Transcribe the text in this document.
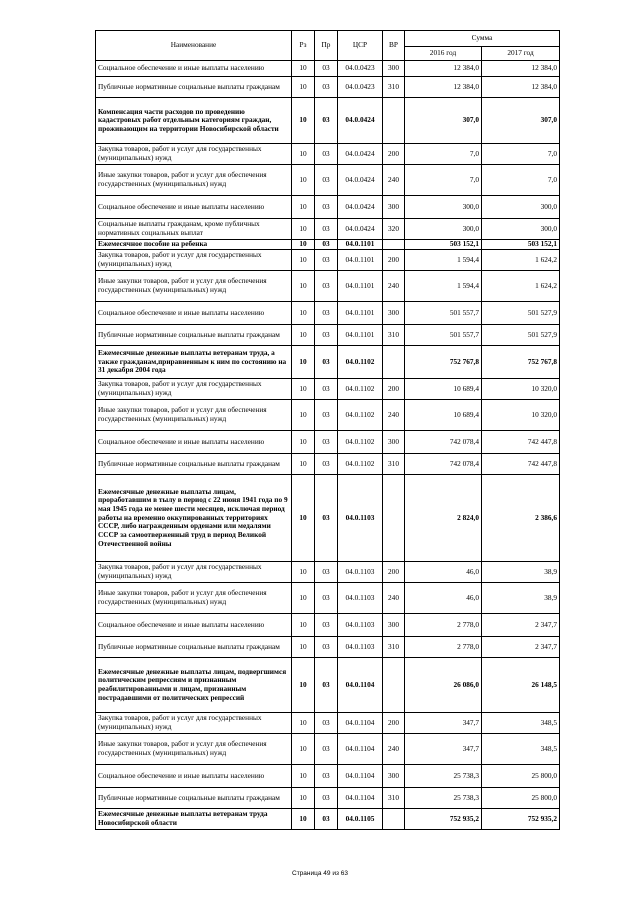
Наименование	Рз	Пр	ЦСР	ВР	Сумма	
					2016 год	2017 год
Социальное обеспечение и иные выплаты населению	10	03	04.0.0423	300	12 384,0	12 384,0
Публичные нормативные социальные выплаты гражданам	10	03	04.0.0423	310	12 384,0	12 384,0
Компенсация части расходов по проведению кадастровых работ отдельным категориям граждан, проживающим на территории Новосибирской области	10	03	04.0.0424		307,0	307,0
Закупка товаров, работ и услуг для государственных (муниципальных) нужд	10	03	04.0.0424	200	7,0	7,0
Иные закупки товаров, работ и услуг для обеспечения государственных (муниципальных) нужд	10	03	04.0.0424	240	7,0	7,0
Социальное обеспечение и иные выплаты населению	10	03	04.0.0424	300	300,0	300,0
Социальные выплаты гражданам, кроме публичных нормативных социальных выплат	10	03	04.0.0424	320	300,0	300,0
Ежемесячное пособие на ребенка	10	03	04.0.1101		503 152,1	503 152,1
Закупка товаров, работ и услуг для государственных (муниципальных) нужд	10	03	04.0.1101	200	1 594,4	1 624,2
Иные закупки товаров, работ и услуг для обеспечения государственных (муниципальных) нужд	10	03	04.0.1101	240	1 594,4	1 624,2
Социальное обеспечение и иные выплаты населению	10	03	04.0.1101	300	501 557,7	501 527,9
Публичные нормативные социальные выплаты гражданам	10	03	04.0.1101	310	501 557,7	501 527,9
Ежемесячные денежные выплаты ветеранам труда, а также гражданам,приравненным к ним по состоянию на 31 декабря 2004 года	10	03	04.0.1102		752 767,8	752 767,8
Закупка товаров, работ и услуг для государственных (муниципальных) нужд	10	03	04.0.1102	200	10 689,4	10 320,0
Иные закупки товаров, работ и услуг для обеспечения государственных (муниципальных) нужд	10	03	04.0.1102	240	10 689,4	10 320,0
Социальное обеспечение и иные выплаты населению	10	03	04.0.1102	300	742 078,4	742 447,8
Публичные нормативные социальные выплаты гражданам	10	03	04.0.1102	310	742 078,4	742 447,8
Ежемесячные денежные выплаты лицам, проработавшим в тылу в период с 22 июня 1941 года по 9 мая 1945 года не менее шести месяцев, исключая период работы на временно оккупированных территориях СССР, либо награжденным орденами или медалями СССР за самоотверженный труд в период Великой Отечественной войны	10	03	04.0.1103		2 824,0	2 386,6
Закупка товаров, работ и услуг для государственных (муниципальных) нужд	10	03	04.0.1103	200	46,0	38,9
Иные закупки товаров, работ и услуг для обеспечения государственных (муниципальных) нужд	10	03	04.0.1103	240	46,0	38,9
Социальное обеспечение и иные выплаты населению	10	03	04.0.1103	300	2 778,0	2 347,7
Публичные нормативные социальные выплаты гражданам	10	03	04.0.1103	310	2 778,0	2 347,7
Ежемесячные денежные выплаты лицам, подвергшимся политическим репрессиям и признанным реабилитированными и лицам, признанным пострадавшими от политических репрессий	10	03	04.0.1104		26 086,0	26 148,5
Закупка товаров, работ и услуг для государственных (муниципальных) нужд	10	03	04.0.1104	200	347,7	348,5
Иные закупки товаров, работ и услуг для обеспечения государственных (муниципальных) нужд	10	03	04.0.1104	240	347,7	348,5
Социальное обеспечение и иные выплаты населению	10	03	04.0.1104	300	25 738,3	25 800,0
Публичные нормативные социальные выплаты гражданам	10	03	04.0.1104	310	25 738,3	25 800,0
Ежемесячные денежные выплаты ветеранам труда Новосибирской области	10	03	04.0.1105		752 935,2	752 935,2
Страница 49 из 63
